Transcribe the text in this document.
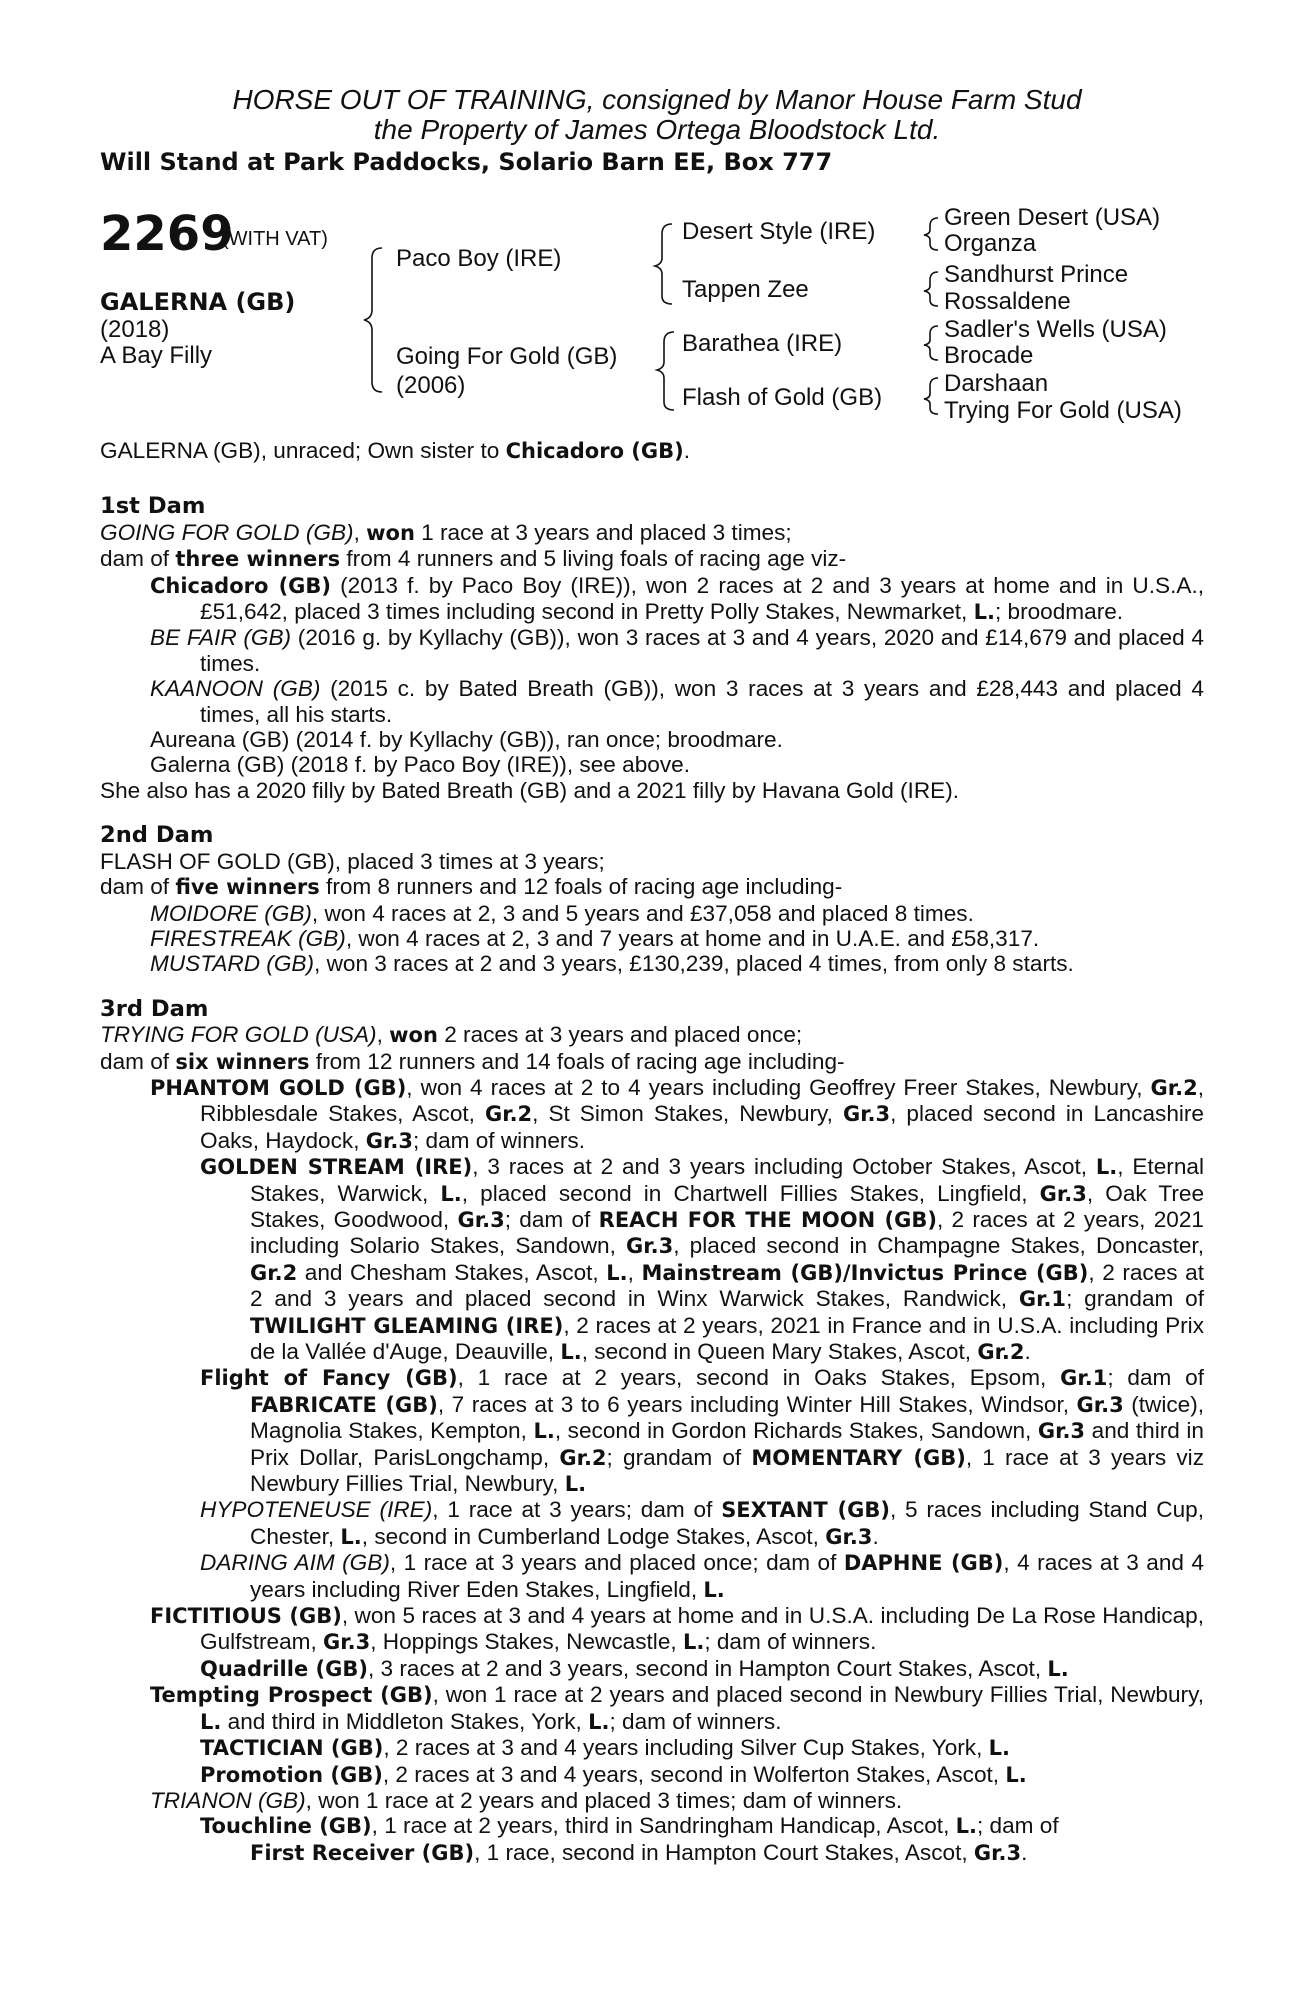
HORSE OUT OF TRAINING, consigned by Manor House Farm Stud
the Property of James Ortega Bloodstock Ltd.
Will Stand at Park Paddocks, Solario Barn EE, Box 777
2269
(WITH VAT)
GALERNA (GB)
(2018)
A Bay Filly
Paco Boy (IRE)
Going For Gold (GB)
(2006)
Desert Style (IRE)
Tappen Zee
Barathea (IRE)
Flash of Gold (GB)
Green Desert (USA)
Organza
Sandhurst Prince
Rossaldene
Sadler's Wells (USA)
Brocade
Darshaan
Trying For Gold (USA)

GALERNA (GB), unraced; Own sister to Chicadoro (GB).

1st Dam

GOING FOR GOLD (GB), won 1 race at 3 years and placed 3 times;

dam of three winners from 4 runners and 5 living foals of racing age viz-

Chicadoro (GB) (2013 f. by Paco Boy (IRE)), won 2 races at 2 and 3 years at home and in U.S.A., £51,642, placed 3 times including second in Pretty Polly Stakes, Newmarket, L.; broodmare.

BE FAIR (GB) (2016 g. by Kyllachy (GB)), won 3 races at 3 and 4 years, 2020 and £14,679 and placed 4 times.

KAANOON (GB) (2015 c. by Bated Breath (GB)), won 3 races at 3 years and £28,443 and placed 4 times, all his starts.

Aureana (GB) (2014 f. by Kyllachy (GB)), ran once; broodmare.

Galerna (GB) (2018 f. by Paco Boy (IRE)), see above.

She also has a 2020 filly by Bated Breath (GB) and a 2021 filly by Havana Gold (IRE).

2nd Dam

FLASH OF GOLD (GB), placed 3 times at 3 years;

dam of five winners from 8 runners and 12 foals of racing age including-

MOIDORE (GB), won 4 races at 2, 3 and 5 years and £37,058 and placed 8 times.

FIRESTREAK (GB), won 4 races at 2, 3 and 7 years at home and in U.A.E. and £58,317.

MUSTARD (GB), won 3 races at 2 and 3 years, £130,239, placed 4 times, from only 8 starts.

3rd Dam

TRYING FOR GOLD (USA), won 2 races at 3 years and placed once;

dam of six winners from 12 runners and 14 foals of racing age including-

PHANTOM GOLD (GB), won 4 races at 2 to 4 years including Geoffrey Freer Stakes, Newbury, Gr.2, Ribblesdale Stakes, Ascot, Gr.2, St Simon Stakes, Newbury, Gr.3, placed second in Lancashire Oaks, Haydock, Gr.3; dam of winners.

GOLDEN STREAM (IRE), 3 races at 2 and 3 years including October Stakes, Ascot, L., Eternal Stakes, Warwick, L., placed second in Chartwell Fillies Stakes, Lingfield, Gr.3, Oak Tree Stakes, Goodwood, Gr.3; dam of REACH FOR THE MOON (GB), 2 races at 2 years, 2021 including Solario Stakes, Sandown, Gr.3, placed second in Champagne Stakes, Doncaster, Gr.2 and Chesham Stakes, Ascot, L., Mainstream (GB)/Invictus Prince (GB), 2 races at 2 and 3 years and placed second in Winx Warwick Stakes, Randwick, Gr.1; grandam of TWILIGHT GLEAMING (IRE), 2 races at 2 years, 2021 in France and in U.S.A. including Prix de la Vallée d'Auge, Deauville, L., second in Queen Mary Stakes, Ascot, Gr.2.

Flight of Fancy (GB), 1 race at 2 years, second in Oaks Stakes, Epsom, Gr.1; dam of FABRICATE (GB), 7 races at 3 to 6 years including Winter Hill Stakes, Windsor, Gr.3 (twice), Magnolia Stakes, Kempton, L., second in Gordon Richards Stakes, Sandown, Gr.3 and third in Prix Dollar, ParisLongchamp, Gr.2; grandam of MOMENTARY (GB), 1 race at 3 years viz Newbury Fillies Trial, Newbury, L.

HYPOTENEUSE (IRE), 1 race at 3 years; dam of SEXTANT (GB), 5 races including Stand Cup, Chester, L., second in Cumberland Lodge Stakes, Ascot, Gr.3.

DARING AIM (GB), 1 race at 3 years and placed once; dam of DAPHNE (GB), 4 races at 3 and 4 years including River Eden Stakes, Lingfield, L.

FICTITIOUS (GB), won 5 races at 3 and 4 years at home and in U.S.A. including De La Rose Handicap, Gulfstream, Gr.3, Hoppings Stakes, Newcastle, L.; dam of winners.

Quadrille (GB), 3 races at 2 and 3 years, second in Hampton Court Stakes, Ascot, L.

Tempting Prospect (GB), won 1 race at 2 years and placed second in Newbury Fillies Trial, Newbury, L. and third in Middleton Stakes, York, L.; dam of winners.

TACTICIAN (GB), 2 races at 3 and 4 years including Silver Cup Stakes, York, L.

Promotion (GB), 2 races at 3 and 4 years, second in Wolferton Stakes, Ascot, L.

TRIANON (GB), won 1 race at 2 years and placed 3 times; dam of winners.

Touchline (GB), 1 race at 2 years, third in Sandringham Handicap, Ascot, L.; dam of

First Receiver (GB), 1 race, second in Hampton Court Stakes, Ascot, Gr.3.
